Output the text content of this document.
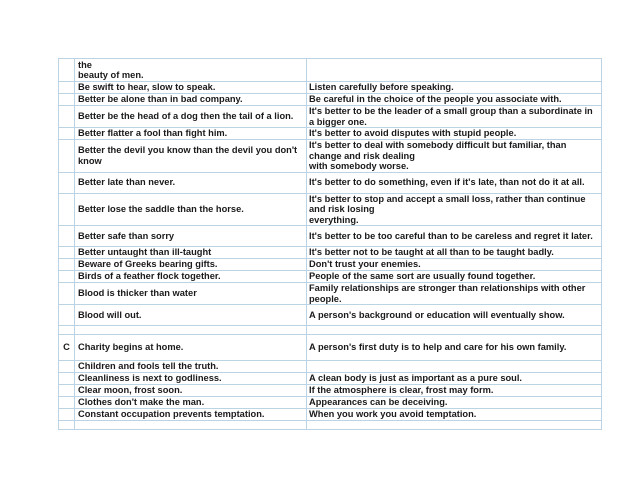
	the
beauty of men.	
	Be swift to hear, slow to speak.	Listen carefully before speaking.
	Better be alone than in bad company.	Be careful in the choice of the people you associate with.
	Better be the head of a dog then the tail of a lion.	It's better to be the leader of a small group than a subordinate in a bigger one.
	Better flatter a fool than fight him.	It's better to avoid disputes with stupid people.
	Better the devil you know than the devil you don't know	It's better to deal with somebody difficult but familiar, than change and risk dealing
with somebody worse.
	Better late than never.	It's better to do something, even if it's late, than not do it at all.
	Better lose the saddle than the horse.	It's better to stop and accept a small loss, rather than continue and risk losing
everything.
	Better safe than sorry	It's better to be too careful than to be careless and regret it later.
	Better untaught than ill-taught	It's better not to be taught at all than to be taught badly.
	Beware of Greeks bearing gifts.	Don't trust your enemies.
	Birds of a feather flock together.	People of the same sort are usually found together.
	Blood is thicker than water	Family relationships are stronger than relationships with other people.
	Blood will out.	A person's background or education will eventually show.

C	Charity begins at home.	A person's first duty is to help and care for his own family.
	Children and fools tell the truth.	
	Cleanliness is next to godliness.	A clean body is just as important as a pure soul.
	Clear moon, frost soon.	If the atmosphere is clear, frost may form.
	Clothes don't make the man.	Appearances can be deceiving.
	Constant occupation prevents temptation.	When you work you avoid temptation.
